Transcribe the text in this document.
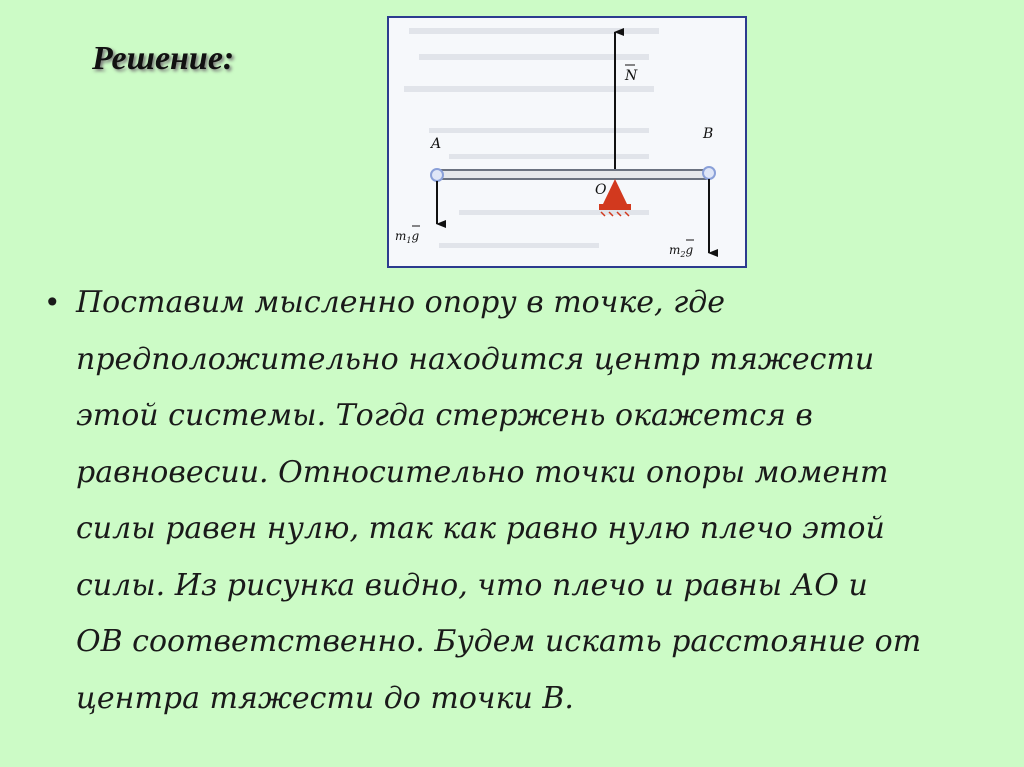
Решение:	N
A
B
O
$m_1g$
$m_2g$
• Поставим мысленно опору в точке, где
предположительно находится центр тяжести
этой системы. Тогда стержень окажется в
равновесии. Относительно точки опоры момент
силы равен нулю, так как равно нулю плечо этой
силы. Из рисунка видно, что плечо и равны АО и
ОВ соответственно. Будем искать расстояние от
центра тяжести до точки В.
